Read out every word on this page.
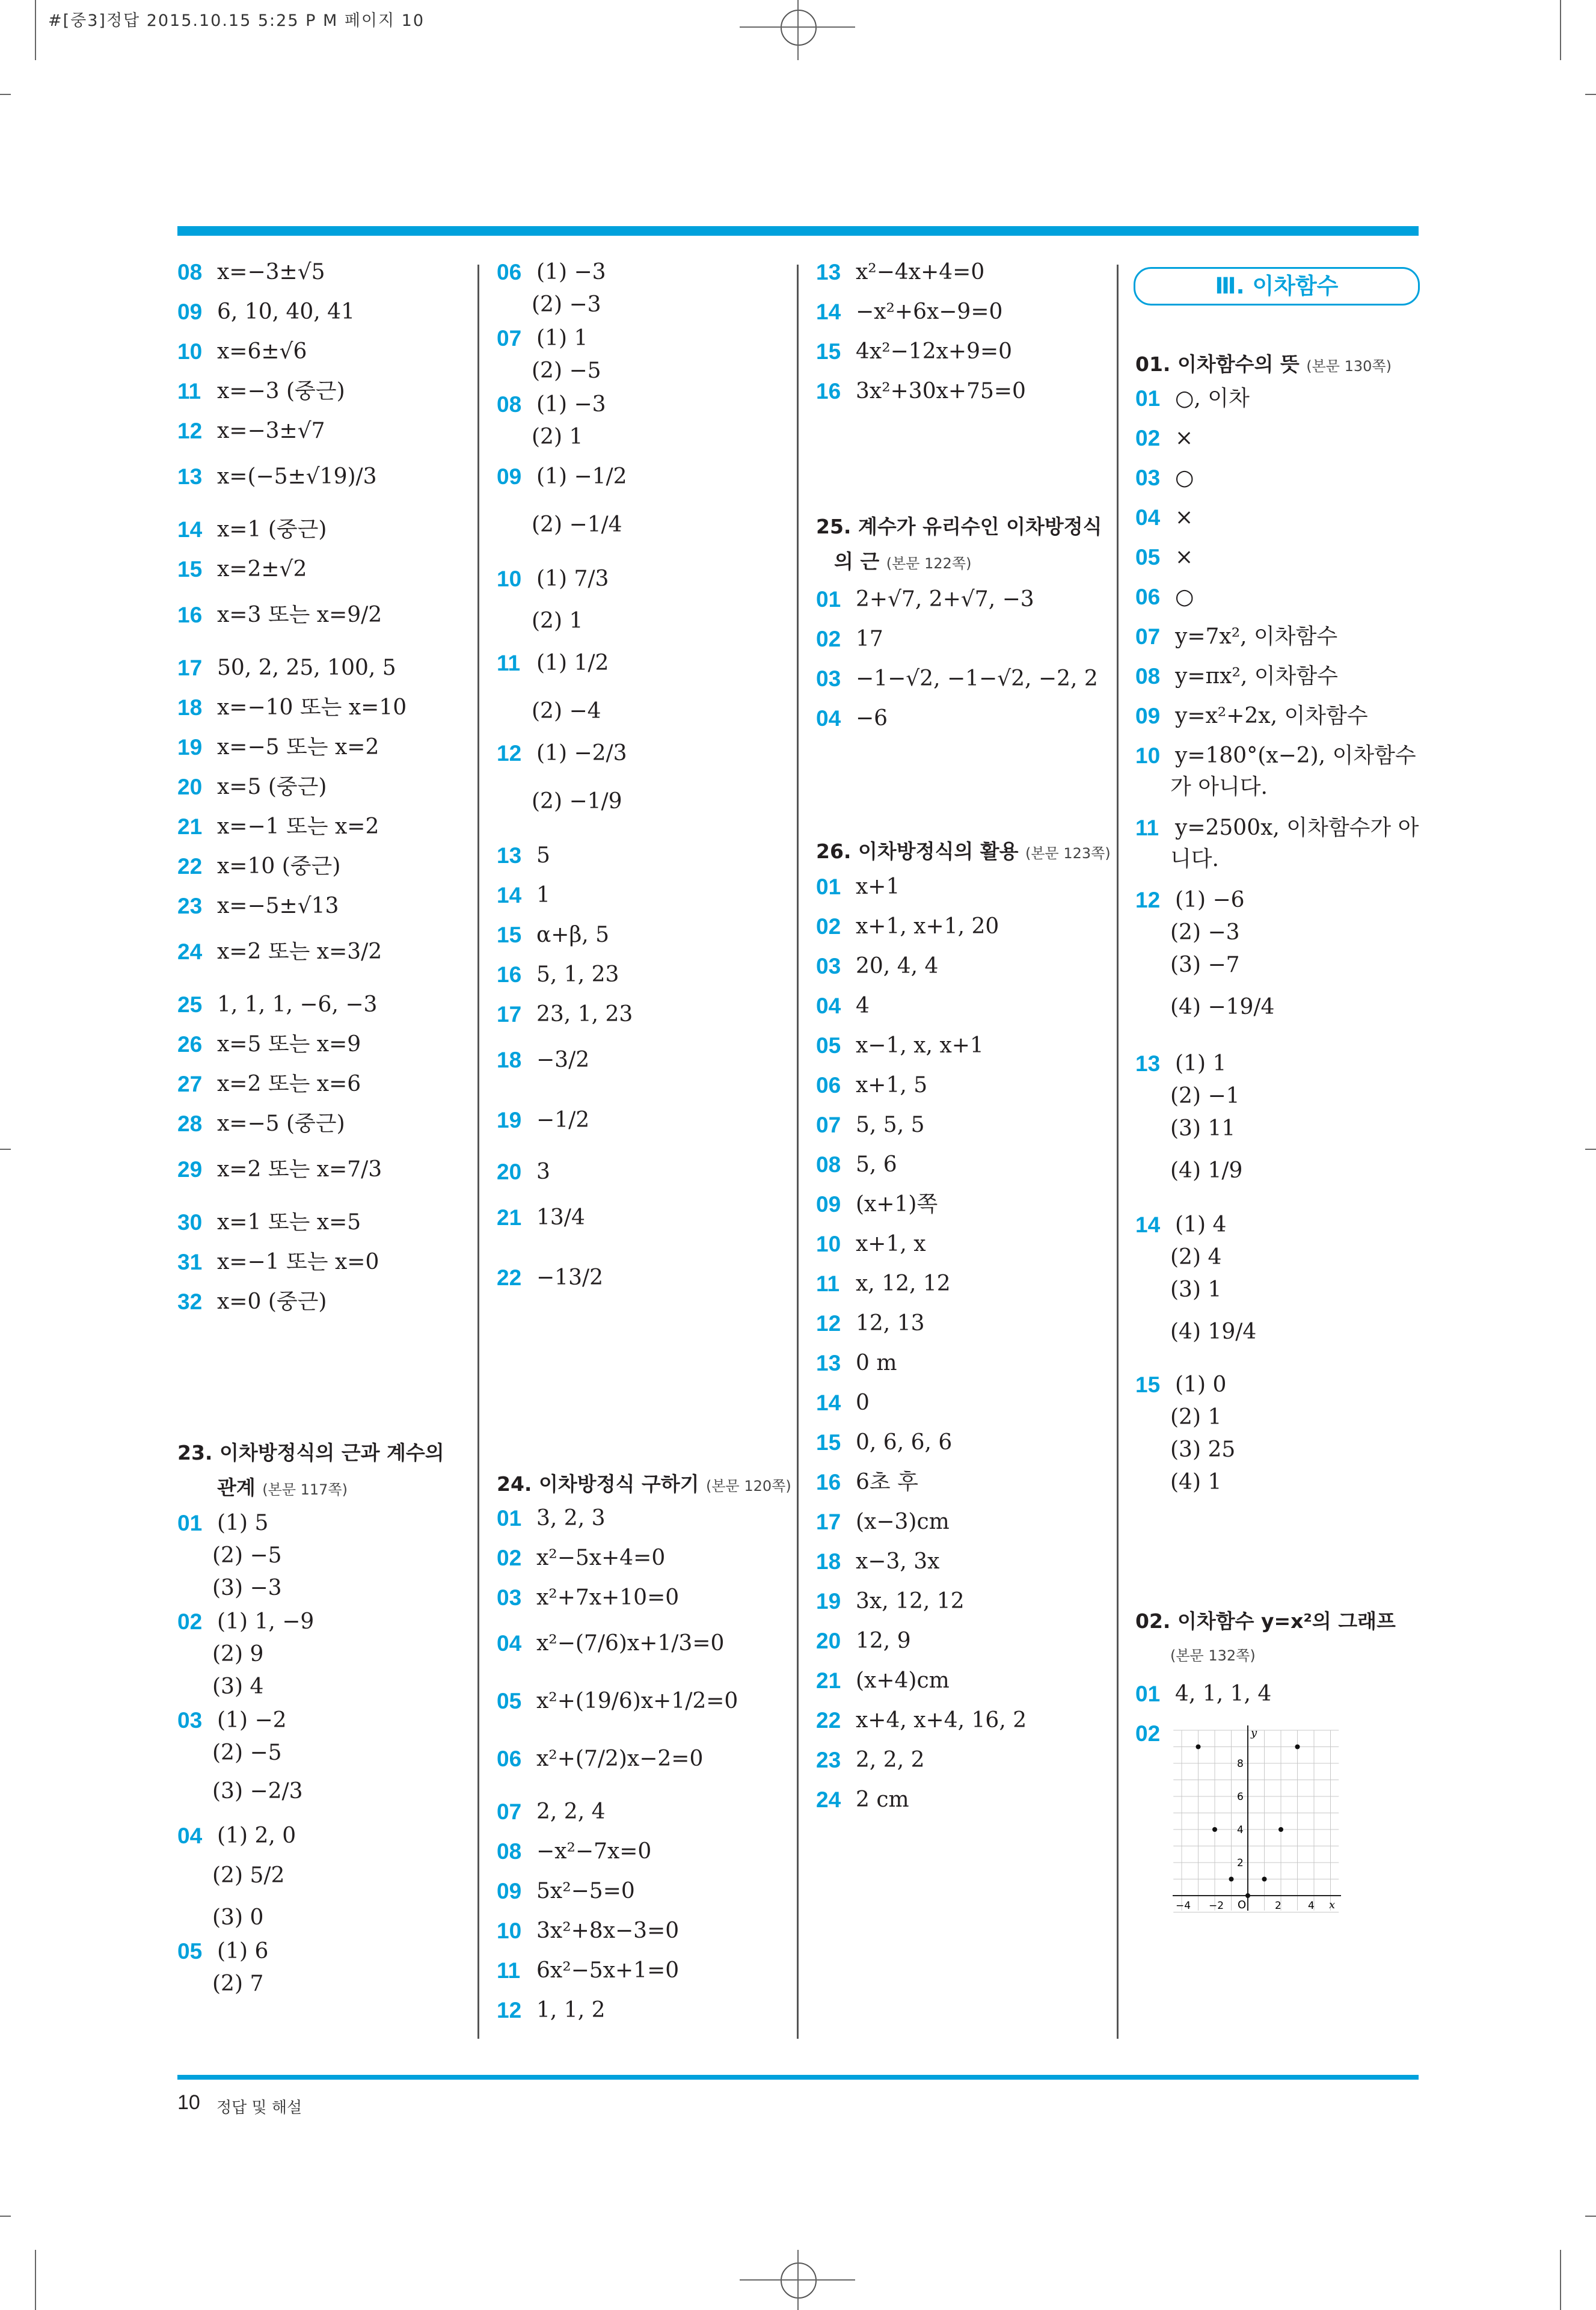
#[중3]정답 2015.10.15 5:25 P M 페이지 10
08 x=−3±√5
09 6, 10, 40, 41
10 x=6±√6
11 x=−3 (중근)
12 x=−3±√7
13 x=(−5±√19)/3
14 x=1 (중근)
15 x=2±√2
16 x=3 또는 x=9/2
17 50, 2, 25, 100, 5
18 x=−10 또는 x=10
19 x=−5 또는 x=2
20 x=5 (중근)
21 x=−1 또는 x=2
22 x=10 (중근)
23 x=−5±√13
24 x=2 또는 x=3/2
25 1, 1, 1, −6, −3
26 x=5 또는 x=9
27 x=2 또는 x=6
28 x=−5 (중근)
29 x=2 또는 x=7/3
30 x=1 또는 x=5
31 x=−1 또는 x=0
32 x=0 (중근)
23. 이차방정식의 근과 계수의
관계 (본문 117쪽)
01 (1) 5
(2) −5
(3) −3
02 (1) 1, −9
(2) 9
(3) 4
03 (1) −2
(2) −5
(3) −2/3
04 (1) 2, 0
(2) 5/2
(3) 0
05 (1) 6
(2) 7
06 (1) −3
(2) −3
07 (1) 1
(2) −5
08 (1) −3
(2) 1
09 (1) −1/2
(2) −1/4
10 (1) 7/3
(2) 1
11 (1) 1/2
(2) −4
12 (1) −2/3
(2) −1/9
13 5
14 1
15 α+β, 5
16 5, 1, 23
17 23, 1, 23
18 −3/2
19 −1/2
20 3
21 13/4
22 −13/2
24. 이차방정식 구하기 (본문 120쪽)
01 3, 2, 3
02 x²−5x+4=0
03 x²+7x+10=0
04 x²−(7/6)x+1/3=0
05 x²+(19/6)x+1/2=0
06 x²+(7/2)x−2=0
07 2, 2, 4
08 −x²−7x=0
09 5x²−5=0
10 3x²+8x−3=0
11 6x²−5x+1=0
12 1, 1, 2
13 x²−4x+4=0
14 −x²+6x−9=0
15 4x²−12x+9=0
16 3x²+30x+75=0
25. 계수가 유리수인 이차방정식
의 근 (본문 122쪽)
01 2+√7, 2+√7, −3
02 17
03 −1−√2, −1−√2, −2, 2
04 −6
26. 이차방정식의 활용 (본문 123쪽)
01 x+1
02 x+1, x+1, 20
03 20, 4, 4
04 4
05 x−1, x, x+1
06 x+1, 5
07 5, 5, 5
08 5, 6
09 (x+1)쪽
10 x+1, x
11 x, 12, 12
12 12, 13
13 0 m
14 0
15 0, 6, 6, 6
16 6초 후
17 (x−3)cm
18 x−3, 3x
19 3x, 12, 12
20 12, 9
21 (x+4)cm
22 x+4, x+4, 16, 2
23 2, 2, 2
24 2 cm
Ⅲ. 이차함수
01. 이차함수의 뜻 (본문 130쪽)
01 ○, 이차
02 ×
03 ○
04 ×
05 ×
06 ○
07 y=7x², 이차함수
08 y=πx², 이차함수
09 y=x²+2x, 이차함수
10 y=180°(x−2), 이차함수
가 아니다.
11 y=2500x, 이차함수가 아
니다.
12 (1) −6
(2) −3
(3) −7
(4) −19/4
13 (1) 1
(2) −1
(3) 11
(4) 1/9
14 (1) 4
(2) 4
(3) 1
(4) 19/4
15 (1) 0
(2) 1
(3) 25
(4) 1
02. 이차함수 y=x²의 그래프
(본문 132쪽)
01 4, 1, 1, 4
02	y
x
O
−4 −2	2	4
2
4
6
8
10 정답 및 해설
